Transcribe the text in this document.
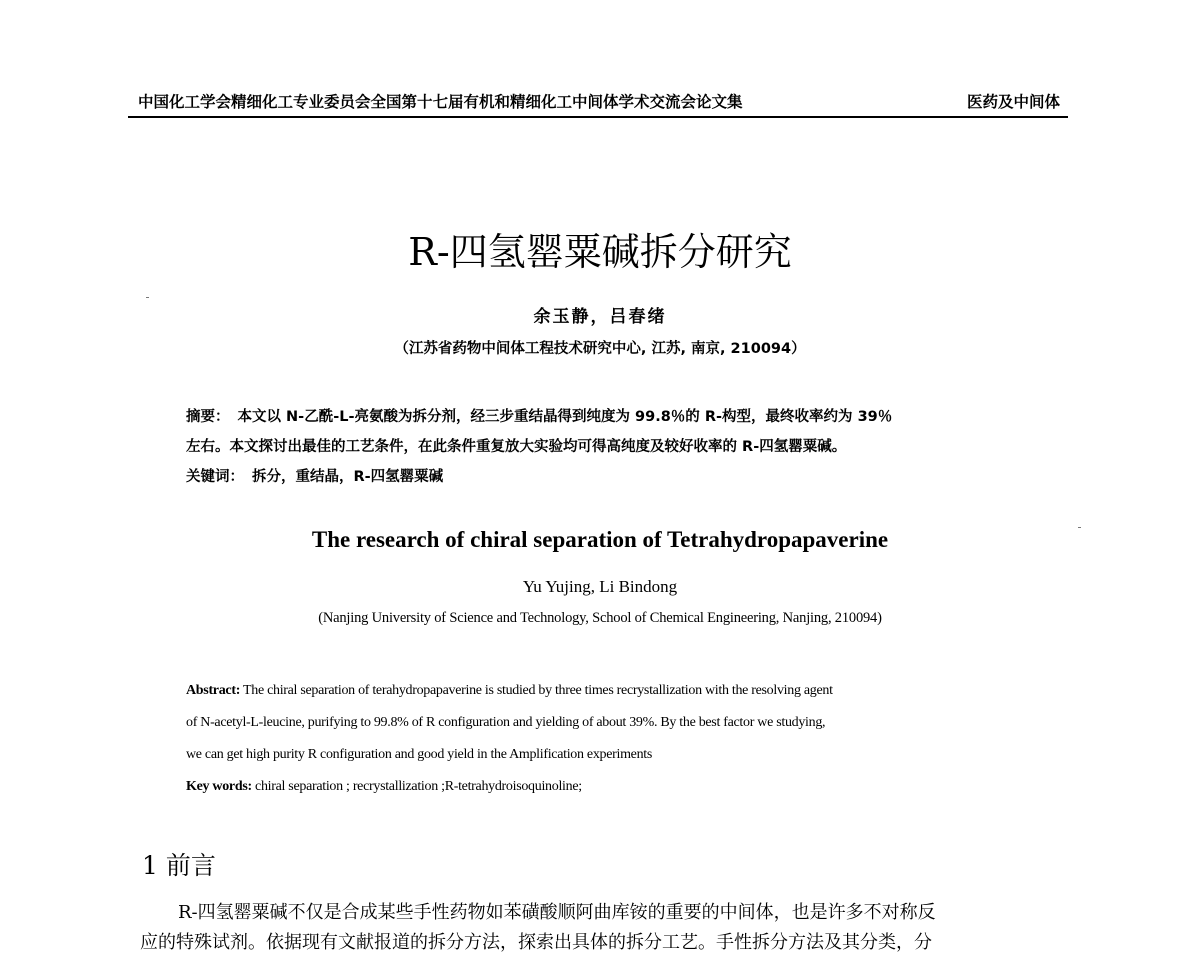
中国化工学会精细化工专业委员会全国第十七届有机和精细化工中间体学术交流会论文集	医药及中间体
R-四氢罂粟碱拆分研究
余玉静，吕春绪
（江苏省药物中间体工程技术研究中心, 江苏, 南京, 210094）

摘要： 本文以 N-乙酰-L-亮氨酸为拆分剂，经三步重结晶得到纯度为 99.8％的 R-构型，最终收率约为 39％

左右。本文探讨出最佳的工艺条件，在此条件重复放大实验均可得高纯度及较好收率的 R-四氢罂粟碱。

关键词： 拆分，重结晶，R-四氢罂粟碱

The research of chiral separation of Tetrahydropapaverine
Yu Yujing, Li Bindong
(Nanjing University of Science and Technology, School of Chemical Engineering, Nanjing, 210094)

Abstract: The chiral separation of terahydropapaverine is studied by three times recrystallization with the resolving agent

of N-acetyl-L-leucine, purifying to 99.8% of R configuration and yielding of about 39%. By the best factor we studying,

we can get high purity R configuration and good yield in the Amplification experiments

Key words: chiral separation ; recrystallization ;R-tetrahydroisoquinoline;

1 前言

R-四氢罂粟碱不仅是合成某些手性药物如苯磺酸顺阿曲库铵的重要的中间体，也是许多不对称反

应的特殊试剂。依据现有文献报道的拆分方法，探索出具体的拆分工艺。手性拆分方法及其分类，分
